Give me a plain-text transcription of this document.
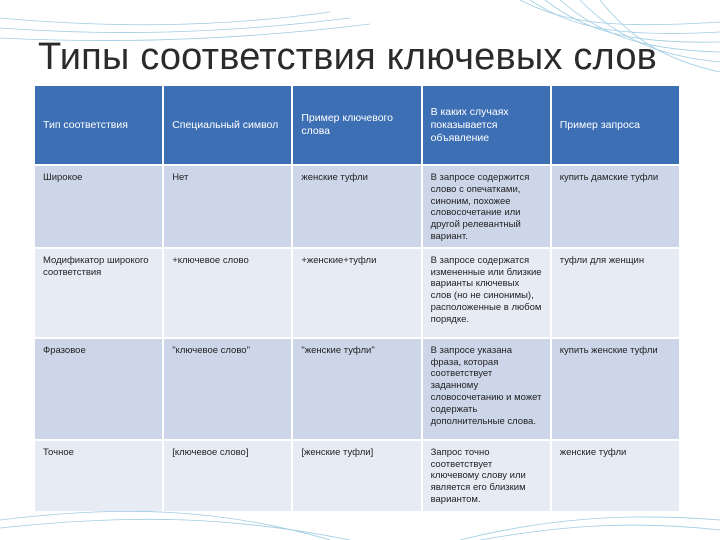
Типы соответствия ключевых слов
Тип соответствия	Специальный символ	Пример ключевого слова	В каких случаях показывается объявление	Пример запроса
Широкое	Нет	женские туфли	В запросе содержится слово с опечатками, синоним, похожее словосочетание или другой релевантный вариант.	купить дамские туфли
Модификатор широкого соответствия	+ключевое слово	+женские+туфли	В запросе содержатся измененные или близкие варианты ключевых слов (но не синонимы), расположенные в любом порядке.	туфли для женщин
Фразовое	"ключевое слово"	"женские туфли"	В запросе указана фраза, которая соответствует заданному словосочетанию и может содержать дополнительные слова.	купить женские туфли
Точное	[ключевое слово]	[женские туфли]	Запрос точно соответствует ключевому слову или является его близким вариантом.	женские туфли
